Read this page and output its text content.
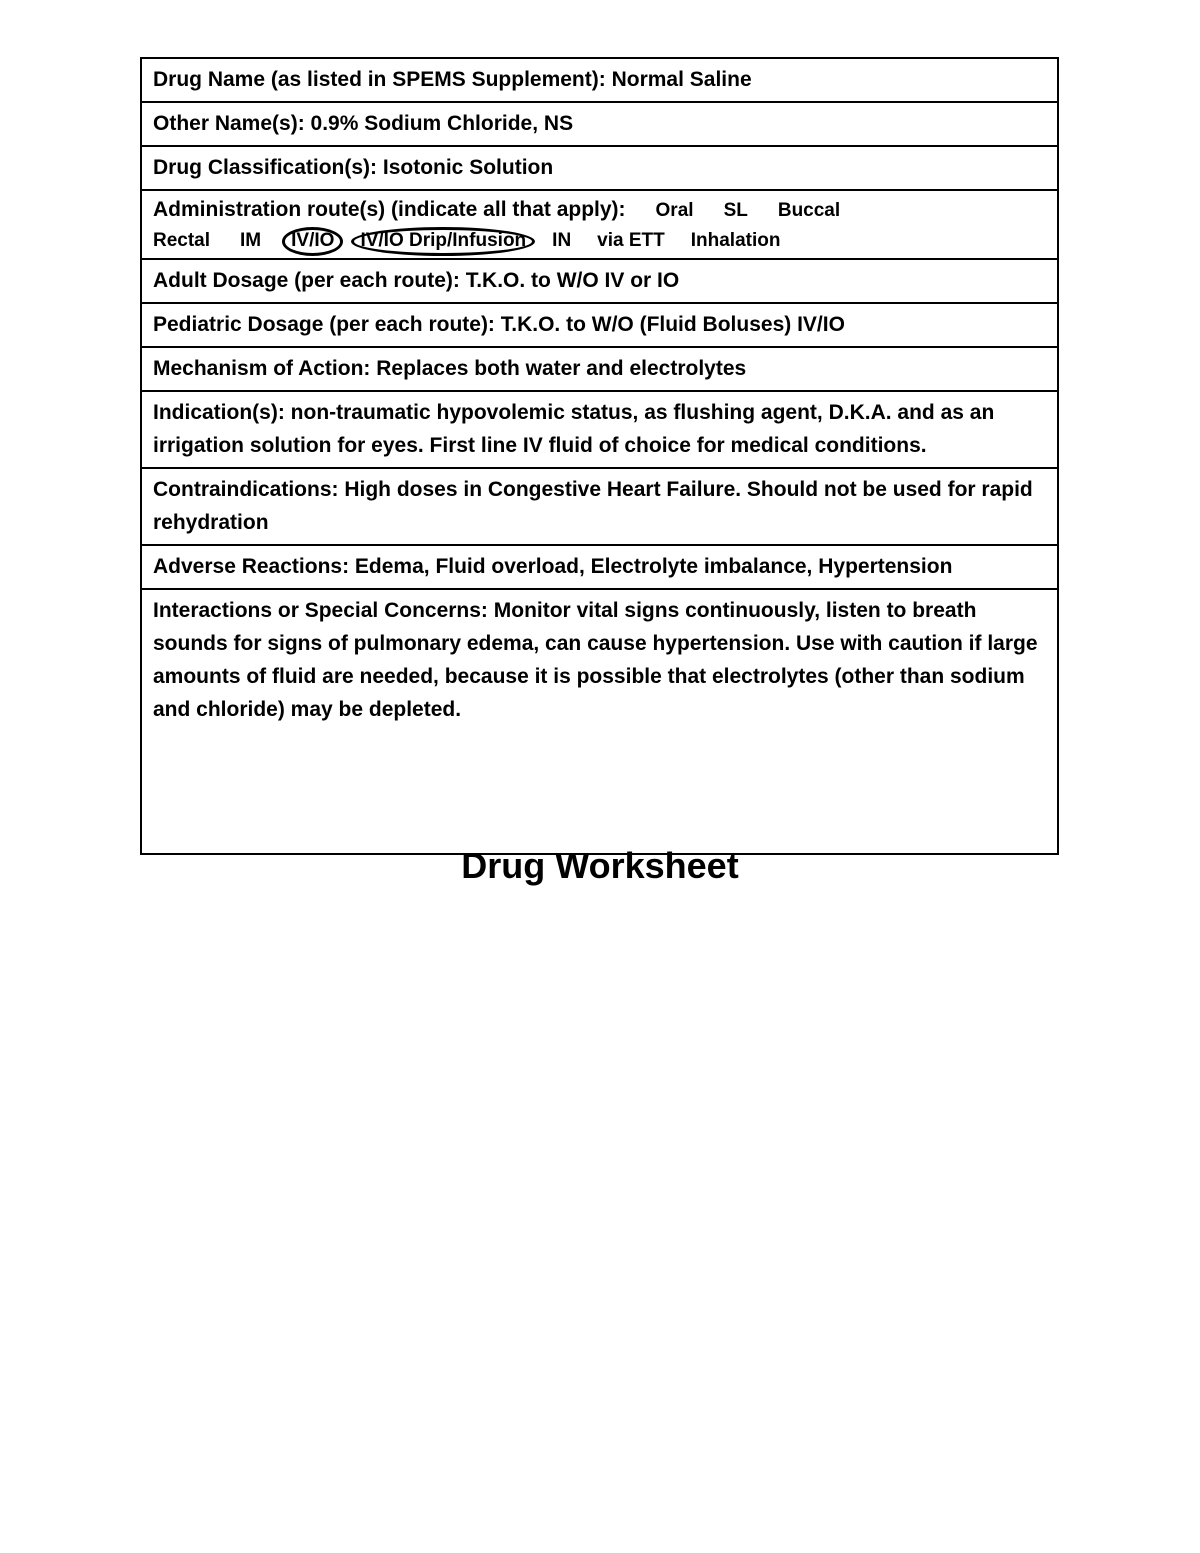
Drug Name (as listed in SPEMS Supplement): Normal Saline
Other Name(s): 0.9% Sodium Chloride, NS
Drug Classification(s): Isotonic Solution

Administration route(s) (indicate all that apply): Oral SL Buccal
Rectal IM IV/IO IV/IO Drip/Infusion IN via ETT Inhalation

Adult Dosage (per each route): T.K.O. to W/O IV or IO
Pediatric Dosage (per each route): T.K.O. to W/O (Fluid Boluses) IV/IO
Mechanism of Action: Replaces both water and electrolytes
Indication(s): non-traumatic hypovolemic status, as flushing agent, D.K.A. and as an irrigation solution for eyes. First line IV fluid of choice for medical conditions.
Contraindications: High doses in Congestive Heart Failure. Should not be used for rapid rehydration
Adverse Reactions: Edema, Fluid overload, Electrolyte imbalance, Hypertension
Interactions or Special Concerns: Monitor vital signs continuously, listen to breath sounds for signs of pulmonary edema, can cause hypertension. Use with caution if large amounts of fluid are needed, because it is possible that electrolytes (other than sodium and chloride) may be depleted.
Drug Worksheet
